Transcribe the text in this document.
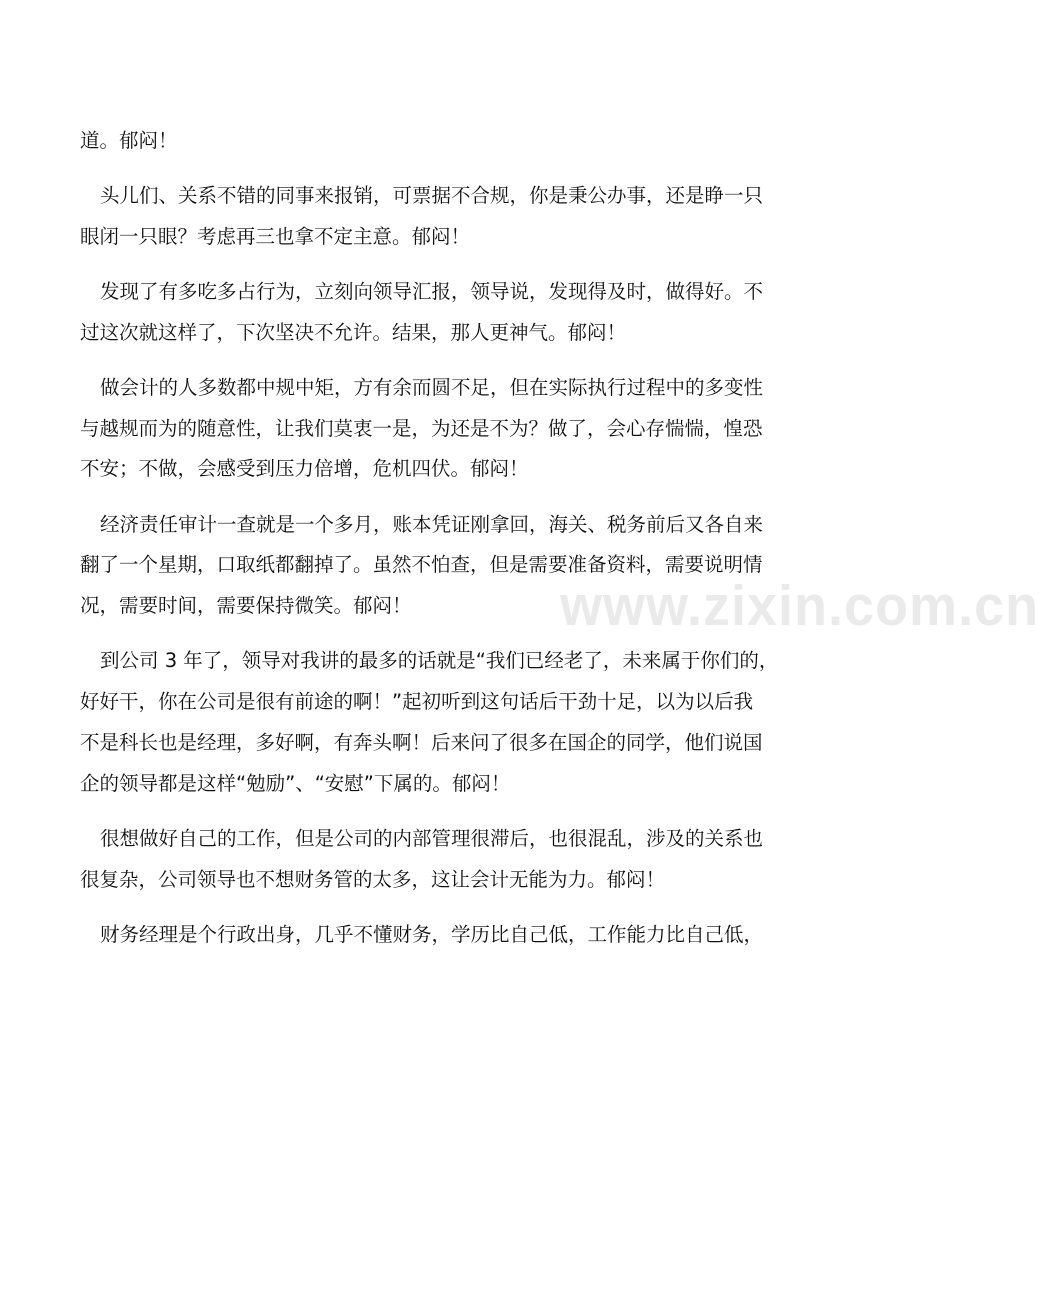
道。郁闷！

头儿们、关系不错的同事来报销，可票据不合规，你是秉公办事，还是睁一只
眼闭一只眼？考虑再三也拿不定主意。郁闷！

发现了有多吃多占行为，立刻向领导汇报，领导说，发现得及时，做得好。不
过这次就这样了，下次坚决不允许。结果，那人更神气。郁闷！

做会计的人多数都中规中矩，方有余而圆不足，但在实际执行过程中的多变性
与越规而为的随意性，让我们莫衷一是，为还是不为？做了，会心存惴惴，惶恐
不安；不做，会感受到压力倍增，危机四伏。郁闷！

经济责任审计一查就是一个多月，账本凭证刚拿回，海关、税务前后又各自来
翻了一个星期，口取纸都翻掉了。虽然不怕查，但是需要准备资料，需要说明情
况，需要时间，需要保持微笑。郁闷！

到公司 3 年了，领导对我讲的最多的话就是“我们已经老了，未来属于你们的，
好好干，你在公司是很有前途的啊！”起初听到这句话后干劲十足，以为以后我
不是科长也是经理，多好啊，有奔头啊！后来问了很多在国企的同学，他们说国
企的领导都是这样“勉励”、“安慰”下属的。郁闷！

很想做好自己的工作，但是公司的内部管理很滞后，也很混乱，涉及的关系也
很复杂，公司领导也不想财务管的太多，这让会计无能为力。郁闷！

财务经理是个行政出身，几乎不懂财务，学历比自己低，工作能力比自己低，

www.zixin.com.cn
